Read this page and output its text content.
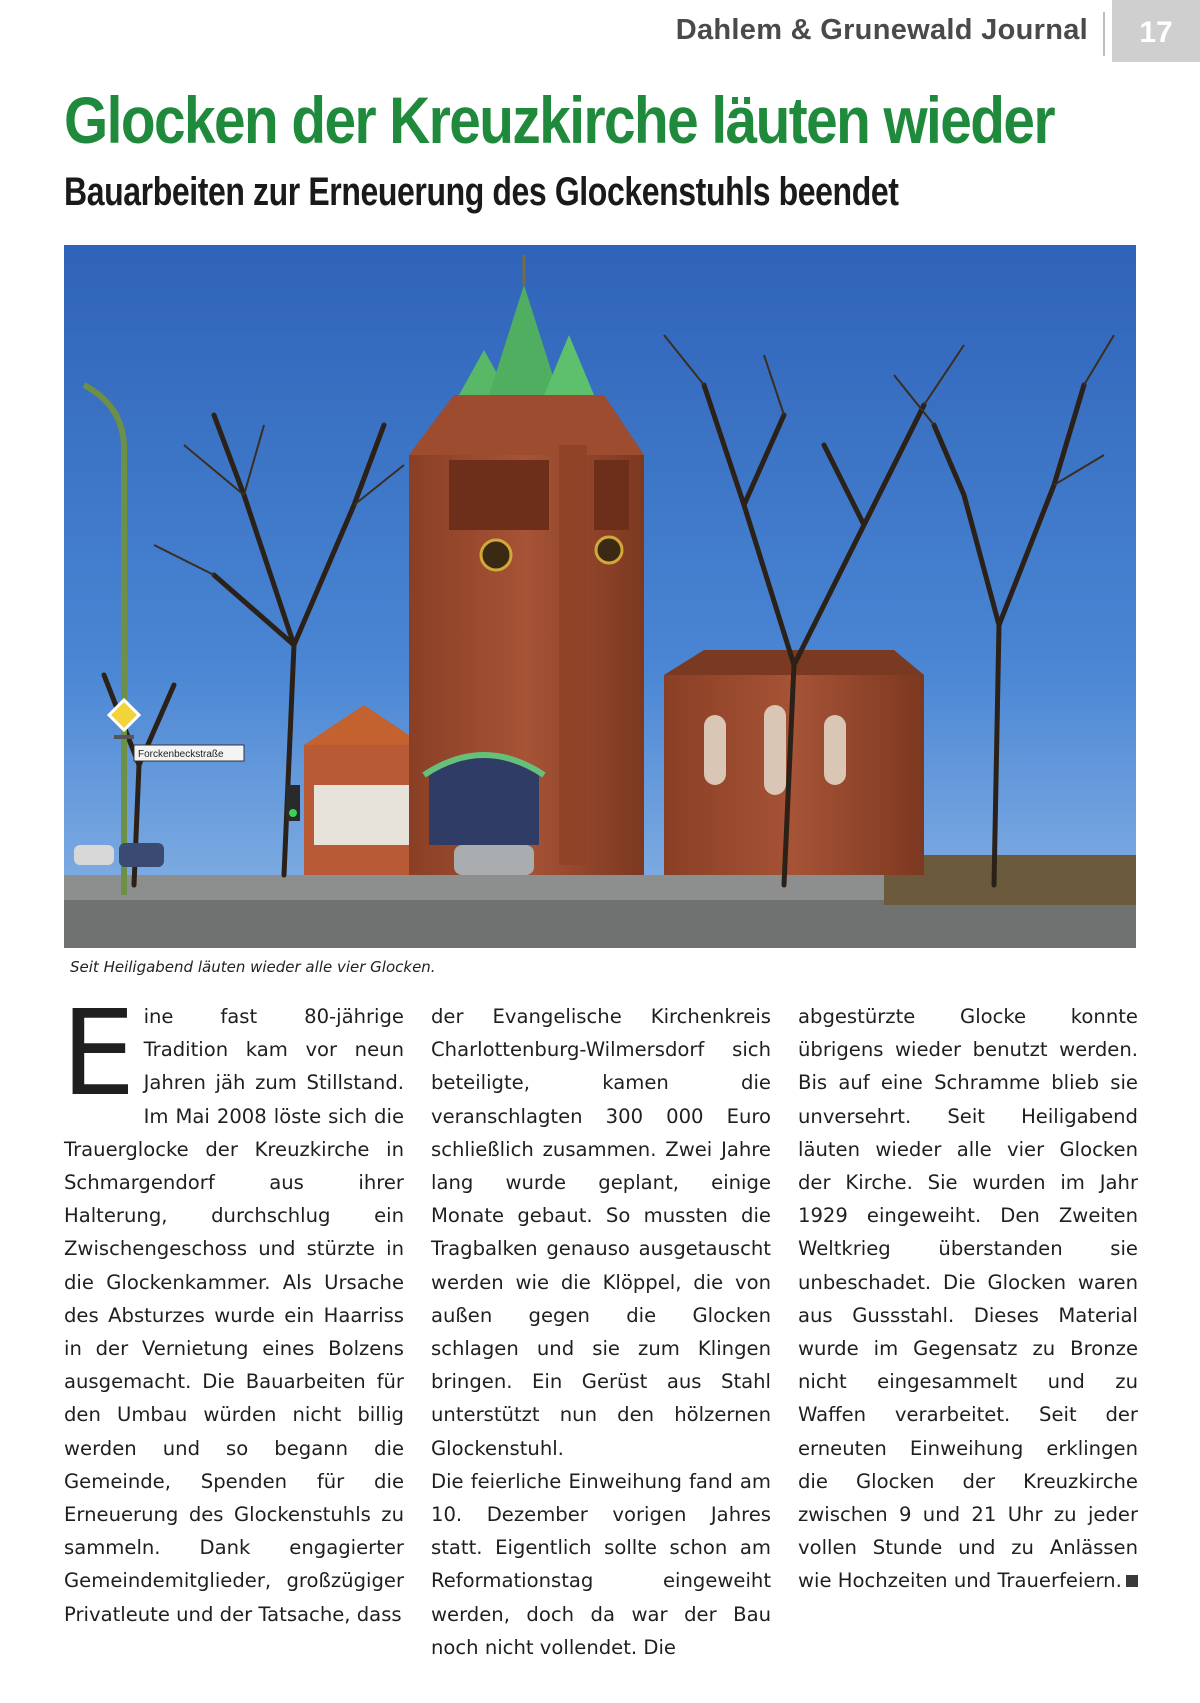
Dahlem & Grunewald Journal	17
Glocken der Kreuzkirche läuten wieder
Bauarbeiten zur Erneuerung des Glockenstuhls beendet
Forckenbeckstraße
Seit Heiligabend läuten wieder alle vier Glocken.
E ine fast 80-jährige Tradition kam vor neun Jahren jäh zum Stillstand. Im Mai 2008 löste sich die Trauerglocke der Kreuzkirche in Schmargendorf aus ihrer Halterung, durchschlug ein Zwischengeschoss und stürzte in die Glockenkammer. Als Ursache des Absturzes wurde ein Haarriss in der Vernietung eines Bolzens ausgemacht. Die Bauarbeiten für den Umbau würden nicht billig werden und so begann die Gemeinde, Spenden für die Erneuerung des Glockenstuhls zu sammeln. Dank engagierter Gemeindemitglieder, großzügiger Privatleute und der Tatsache, dass
der Evangelische Kirchenkreis Charlottenburg-Wilmersdorf sich beteiligte, kamen die veranschlagten 300 000 Euro schließlich zusammen. Zwei Jahre lang wurde geplant, einige Monate gebaut. So mussten die Tragbalken genauso ausgetauscht werden wie die Klöppel, die von außen gegen die Glocken schlagen und sie zum Klingen bringen. Ein Gerüst aus Stahl unterstützt nun den hölzernen Glockenstuhl.
Die feierliche Einweihung fand am 10. Dezember vorigen Jahres statt. Eigentlich sollte schon am Reformationstag eingeweiht werden, doch da war der Bau noch nicht vollendet. Die
abgestürzte Glocke konnte übrigens wieder benutzt werden. Bis auf eine Schramme blieb sie unversehrt. Seit Heiligabend läuten wieder alle vier Glocken der Kirche. Sie wurden im Jahr 1929 eingeweiht. Den Zweiten Weltkrieg überstanden sie unbeschadet. Die Glocken waren aus Gussstahl. Dieses Material wurde im Gegensatz zu Bronze nicht eingesammelt und zu Waffen verarbeitet. Seit der erneuten Einweihung erklingen die Glocken der Kreuzkirche zwischen 9 und 21 Uhr zu jeder vollen Stunde und zu Anlässen wie Hochzeiten und Trauerfeiern.
